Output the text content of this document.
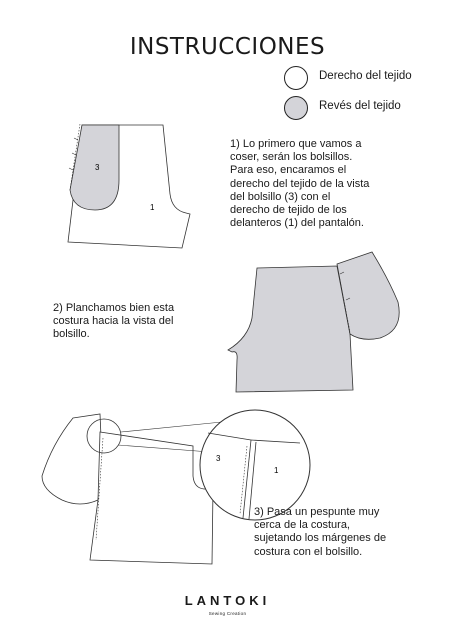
INSTRUCCIONES
Derecho del tejido
Revés del tejido
3
1
1) Lo primero que vamos a
coser, serán los bolsillos.
Para eso, encaramos el
derecho del tejido de la vista
del bolsillo (3) con el
derecho de tejido de los
delanteros (1) del pantalón.
2) Planchamos bien esta
costura hacia la vista del
bolsillo.
3
1
3) Pasa un pespunte muy
cerca de la costura,
sujetando los márgenes de
costura con el bolsillo.
LANTOKI
Sewing Creation
